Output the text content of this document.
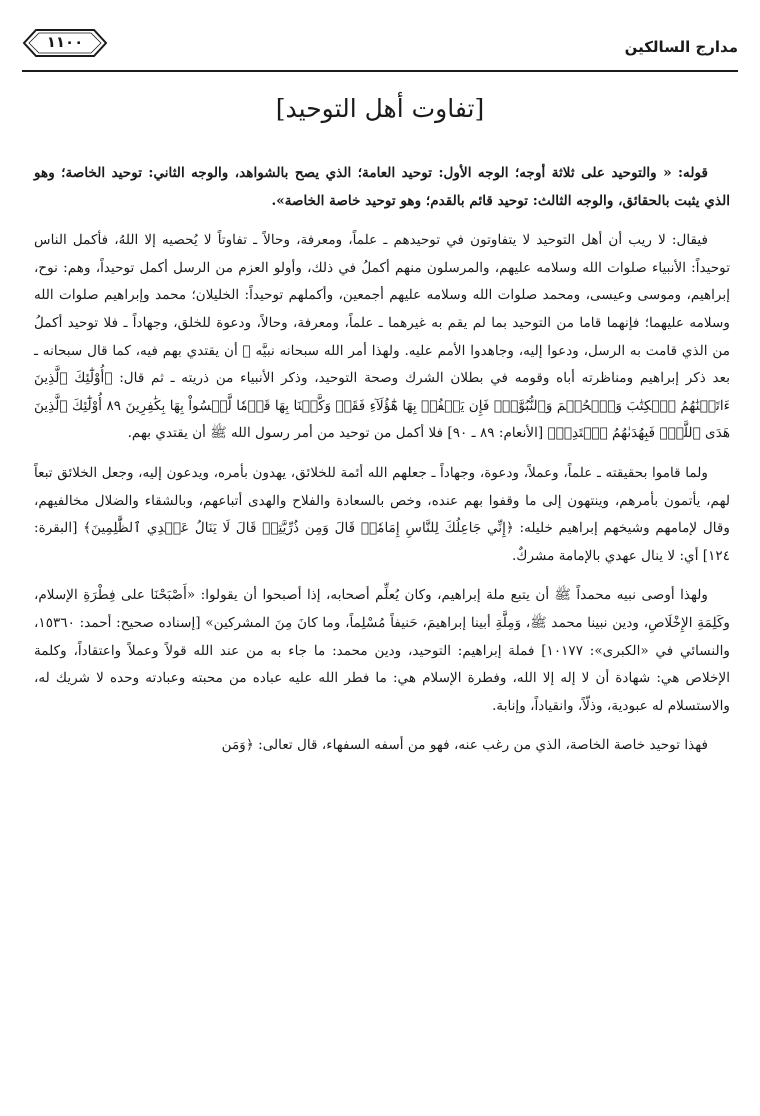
مدارج السالكين
١١٠٠
[تفاوت أهل التوحيد]

قوله: « والتوحيد على ثلاثة أوجه؛ الوجه الأول: توحيد العامة؛ الذي يصح بالشواهد، والوجه الثاني: توحيد الخاصة؛ وهو الذي يثبت بالحقائق، والوجه الثالث: توحيد قائم بالقدم؛ وهو توحيد خاصة الخاصة».

فيقال: لا ريب أن أهل التوحيد لا يتفاوتون في توحيدهم ـ علماً، ومعرفة، وحالاً ـ تفاوتاً لا يُحصيه إلا اللهُ، فأكمل الناس توحيداً: الأنبياء صلوات الله وسلامه عليهم، والمرسلون منهم أكملُ في ذلك، وأولو العزم من الرسل أكمل توحيداً، وهم: نوح، إبراهيم، وموسى وعيسى، ومحمد صلوات الله وسلامه عليهم أجمعين، وأكملهم توحيداً: الخليلان؛ محمد وإبراهيم صلوات الله وسلامه عليهما؛ فإنهما قاما من التوحيد بما لم يقم به غيرهما ـ علماً، ومعرفة، وحالاً، ودعوة للخلق، وجهاداً ـ فلا توحيد أكملُ من الذي قامت به الرسل، ودعوا إليه، وجاهدوا الأمم عليه. ولهذا أمر الله سبحانه نبيَّه ﷺ أن يقتدي بهم فيه، كما قال سبحانه ـ بعد ذكر إبراهيم ومناظرته أباه وقومه في بطلان الشرك وصحة التوحيد، وذكر الأنبياء من ذريته ـ ثم قال: ﴿أُوْلَٰٓئِكَ ٱلَّذِينَ ءَاتَيۡنَٰهُمُ ٱلۡكِتَٰبَ وَٱلۡحُكۡمَ وَٱلنُّبُوَّةَۚ فَإِن يَكۡفُرۡ بِهَا هَٰٓؤُلَآءِ فَقَدۡ وَكَّلۡنَا بِهَا قَوۡمٗا لَّيۡسُواْ بِهَا بِكَٰفِرِينَ ٨٩ أُوْلَٰٓئِكَ ٱلَّذِينَ هَدَى ٱللَّهُۖ فَبِهُدَىٰهُمُ ٱقۡتَدِهۡ﴾ [الأنعام: ٨٩ ـ ٩٠] فلا أكمل من توحيد من أمر رسول الله ﷺ أن يقتدي بهم.

ولما قاموا بحقيقته ـ علماً، وعملاً، ودعوة، وجهاداً ـ جعلهم الله أئمة للخلائق، يهدون بأمره، ويدعون إليه، وجعل الخلائق تبعاً لهم، يأتمون بأمرهم، وينتهون إلى ما وقفوا بهم عنده، وخص بالسعادة والفلاح والهدى أتباعهم، وبالشقاء والضلال مخالفيهم، وقال لإمامهم وشيخهم إبراهيم خليله: ﴿إِنِّي جَاعِلُكَ لِلنَّاسِ إِمَامٗاۖ قَالَ وَمِن ذُرِّيَّتِيۖ قَالَ لَا يَنَالُ عَهۡدِي ٱلظَّٰلِمِينَ﴾ [البقرة: ١٢٤] أي: لا ينال عهدي بالإمامة مشركٌ.

ولهذا أوصى نبيه محمداً ﷺ أن يتبع ملة إبراهيم، وكان يُعلِّم أصحابه، إذا أصبحوا أن يقولوا: «أَصْبَحْنَا على فِطْرَةِ الإسلام، وكَلِمَةِ الإِخْلَاصِ، ودين نبينا محمد ﷺ، وَمِلَّةِ أبينا إبراهيمَ، حَنيفاً مُسْلِماً، وما كانَ مِنَ المشركين» [إسناده صحيح: أحمد: ١٥٣٦٠، والنسائي في «الكبرى»: ١٠١٧٧] فملة إبراهيم: التوحيد، ودين محمد: ما جاء به من عند الله قولاً وعملاً واعتقاداً، وكلمة الإخلاص هي: شهادة أن لا إله إلا الله، وفطرة الإسلام هي: ما فطر الله عليه عباده من محبته وعبادته وحده لا شريك له، والاستسلام له عبودية، وذلّاً، وانقياداً، وإنابة.

فهذا توحيد خاصة الخاصة، الذي من رغب عنه، فهو من أسفه السفهاء، قال تعالى: ﴿وَمَن
